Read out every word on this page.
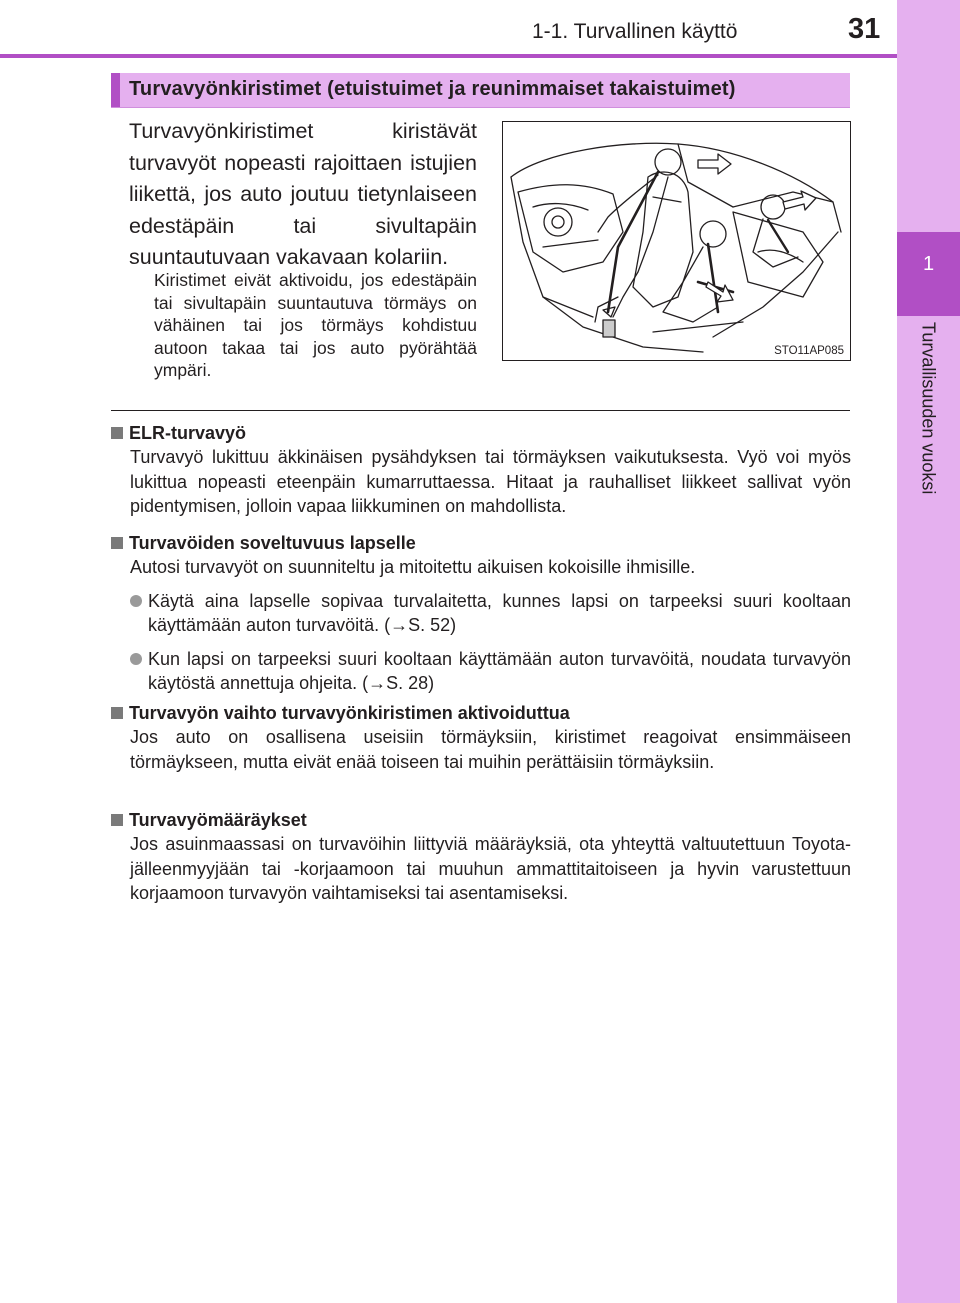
1-1. Turvallinen käyttö	31
1
Turvallisuuden vuoksi
Turvavyönkiristimet (etuistuimet ja reunimmaiset takaistuimet)
Turvavyönkiristimet kiristävät turvavyöt nopeasti rajoittaen istujien liikettä, jos auto joutuu tietynlaiseen edestäpäin tai sivultapäin suuntautuvaan vakavaan kolariin.
Kiristimet eivät aktivoidu, jos edestäpäin tai sivultapäin suuntautuva törmäys on vähäinen tai jos törmäys kohdistuu autoon takaa tai jos auto pyörähtää ympäri.
STO11AP085
ELR-turvavyö
Turvavyö lukittuu äkkinäisen pysähdyksen tai törmäyksen vaikutuksesta. Vyö voi myös lukittua nopeasti eteenpäin kumarruttaessa. Hitaat ja rauhalliset liikkeet sallivat vyön pidentymisen, jolloin vapaa liikkuminen on mahdollista.
Turvavöiden soveltuvuus lapselle
Autosi turvavyöt on suunniteltu ja mitoitettu aikuisen kokoisille ihmisille.
Käytä aina lapselle sopivaa turvalaitetta, kunnes lapsi on tarpeeksi suuri kooltaan käyttämään auton turvavöitä. (→S. 52)
Kun lapsi on tarpeeksi suuri kooltaan käyttämään auton turvavöitä, noudata turvavyön käytöstä annettuja ohjeita. (→S. 28)
Turvavyön vaihto turvavyönkiristimen aktivoiduttua
Jos auto on osallisena useisiin törmäyksiin, kiristimet reagoivat ensimmäiseen törmäykseen, mutta eivät enää toiseen tai muihin perättäisiin törmäyksiin.
Turvavyömääräykset
Jos asuinmaassasi on turvavöihin liittyviä määräyksiä, ota yhteyttä valtuutettuun Toyota-jälleenmyyjään tai -korjaamoon tai muuhun ammattitaitoiseen ja hyvin varustettuun korjaamoon turvavyön vaihtamiseksi tai asentamiseksi.
